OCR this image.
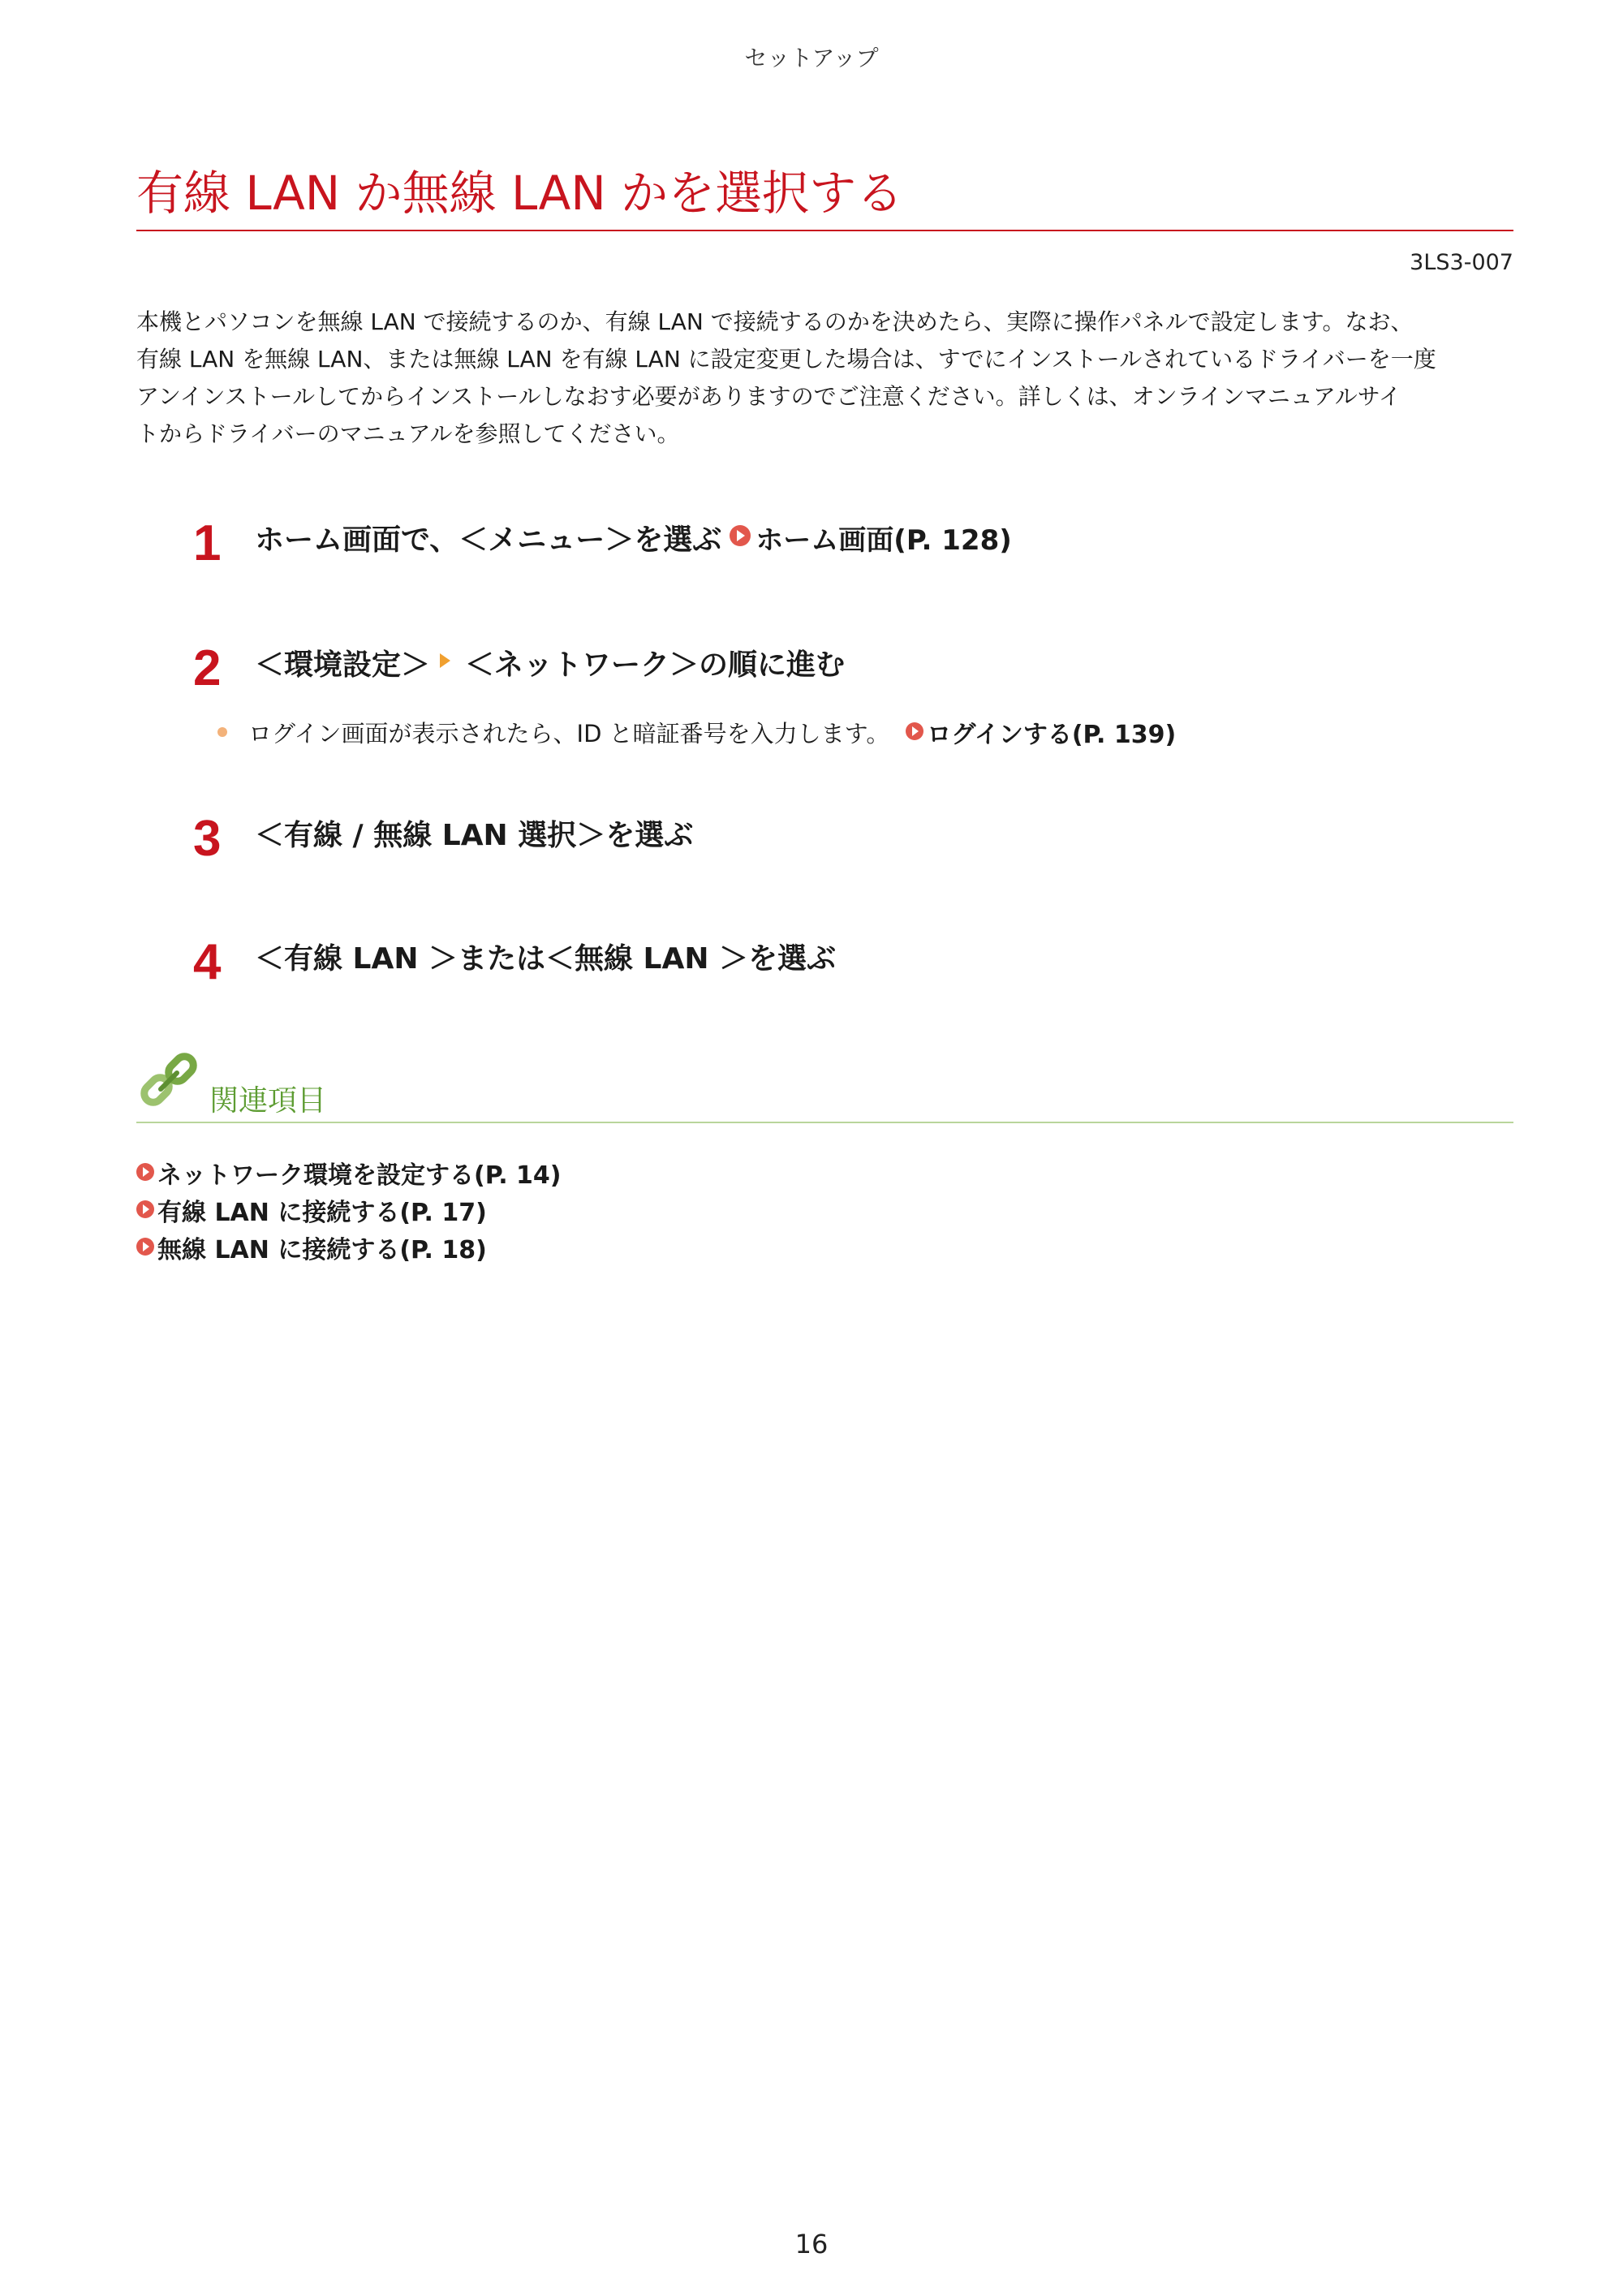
セットアップ
有線 LAN か無線 LAN かを選択する
3LS3-007

本機とパソコンを無線 LAN で接続するのか、有線 LAN で接続するのかを決めたら、実際に操作パネルで設定します。なお、
有線 LAN を無線 LAN、または無線 LAN を有線 LAN に設定変更した場合は、すでにインストールされているドライバーを一度
アンインストールしてからインストールしなおす必要がありますのでご注意ください。詳しくは、オンラインマニュアルサイ
トからドライバーのマニュアルを参照してください。

1	ホーム画面で、＜メニュー＞を選ぶ ホーム画面(P. 128)
2	＜環境設定＞ ＜ネットワーク＞の順に進む
ログイン画面が表示されたら、ID と暗証番号を入力します。 ログインする(P. 139)
3	＜有線 / 無線 LAN 選択＞を選ぶ
4	＜有線 LAN ＞または＜無線 LAN ＞を選ぶ
関連項目
ネットワーク環境を設定する(P. 14)
有線 LAN に接続する(P. 17)
無線 LAN に接続する(P. 18)
16
